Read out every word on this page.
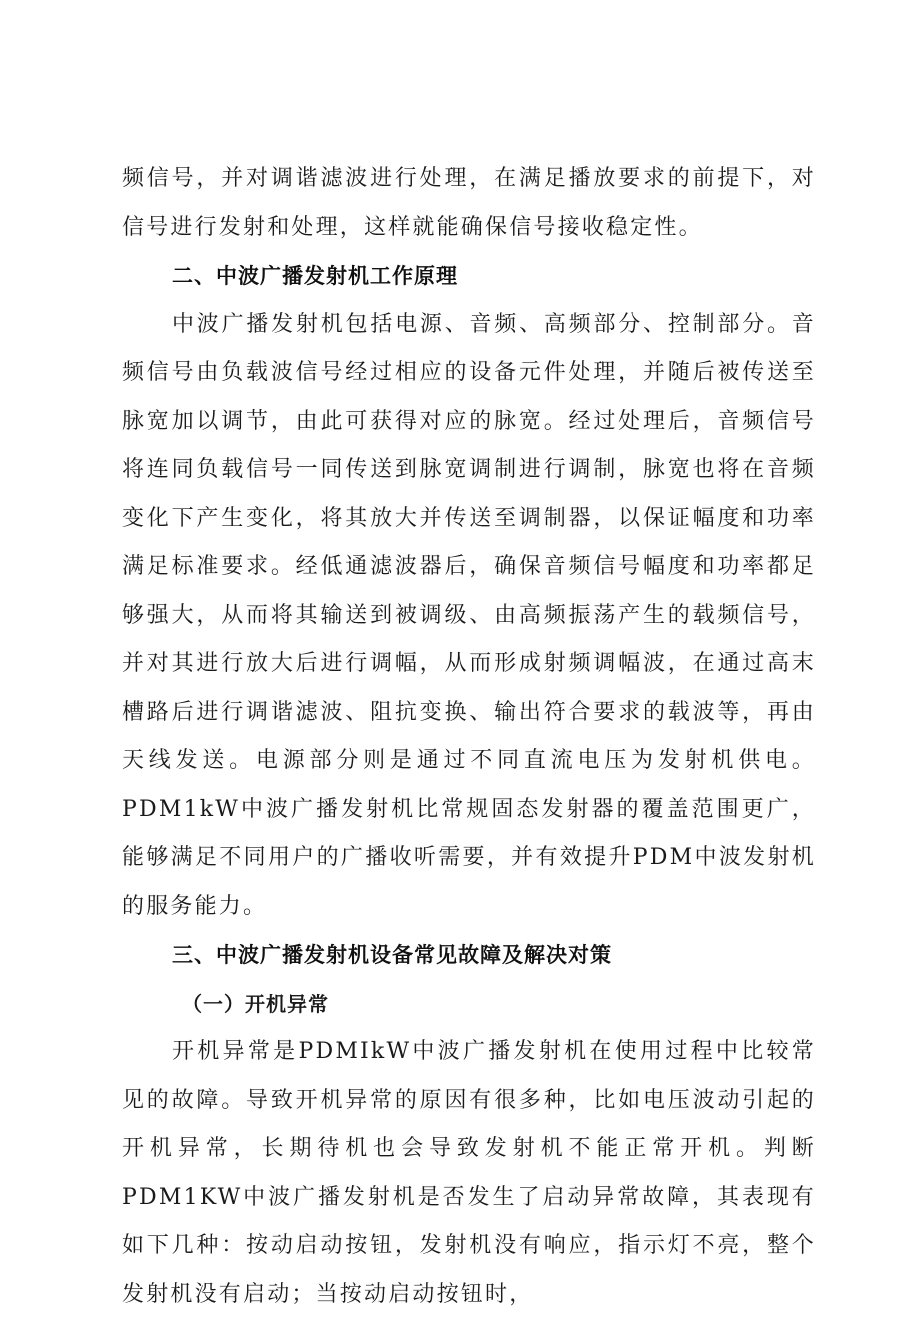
频信号，并对调谐滤波进行处理，在满足播放要求的前提下，对信号进行发射和处理，这样就能确保信号接收稳定性。

二、中波广播发射机工作原理

中波广播发射机包括电源、音频、高频部分、控制部分。音频信号由负载波信号经过相应的设备元件处理，并随后被传送至脉宽加以调节，由此可获得对应的脉宽。经过处理后，音频信号将连同负载信号一同传送到脉宽调制进行调制，脉宽也将在音频变化下产生变化，将其放大并传送至调制器，以保证幅度和功率满足标准要求。经低通滤波器后，确保音频信号幅度和功率都足够强大，从而将其输送到被调级、由高频振荡产生的载频信号，并对其进行放大后进行调幅，从而形成射频调幅波，在通过高末槽路后进行调谐滤波、阻抗变换、输出符合要求的载波等，再由天线发送。电源部分则是通过不同直流电压为发射机供电。PDM1kW中波广播发射机比常规固态发射器的覆盖范围更广，能够满足不同用户的广播收听需要，并有效提升PDM中波发射机的服务能力。

三、中波广播发射机设备常见故障及解决对策
（一）开机异常

开机异常是PDMIkW中波广播发射机在使用过程中比较常见的故障。导致开机异常的原因有很多种，比如电压波动引起的开机异常，长期待机也会导致发射机不能正常开机。判断PDM1KW中波广播发射机是否发生了启动异常故障，其表现有如下几种：按动启动按钮，发射机没有响应，指示灯不亮，整个发射机没有启动；当按动启动按钮时，
